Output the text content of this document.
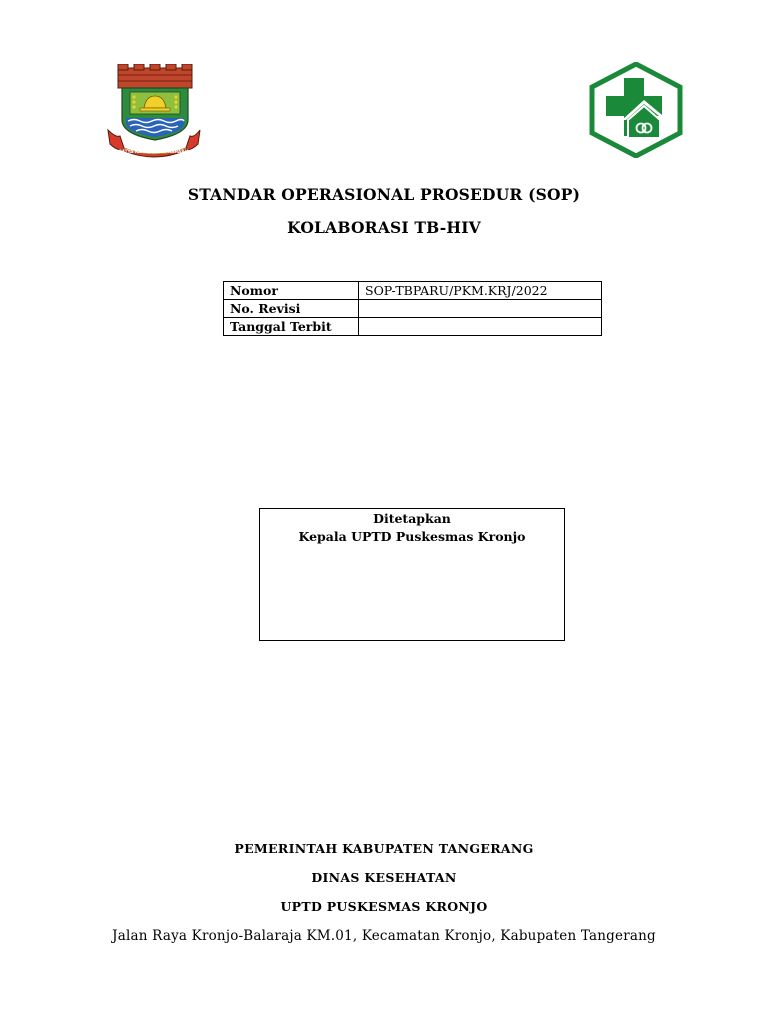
SATYA KARYA KERTA RAHARJA
STANDAR OPERASIONAL PROSEDUR (SOP)
KOLABORASI TB-HIV
Nomor	SOP-TBPARU/PKM.KRJ/2022
No. Revisi	
Tanggal Terbit	
Ditetapkan
Kepala UPTD Puskesmas Kronjo
PEMERINTAH KABUPATEN TANGERANG
DINAS KESEHATAN
UPTD PUSKESMAS KRONJO
Jalan Raya Kronjo-Balaraja KM.01, Kecamatan Kronjo, Kabupaten Tangerang
